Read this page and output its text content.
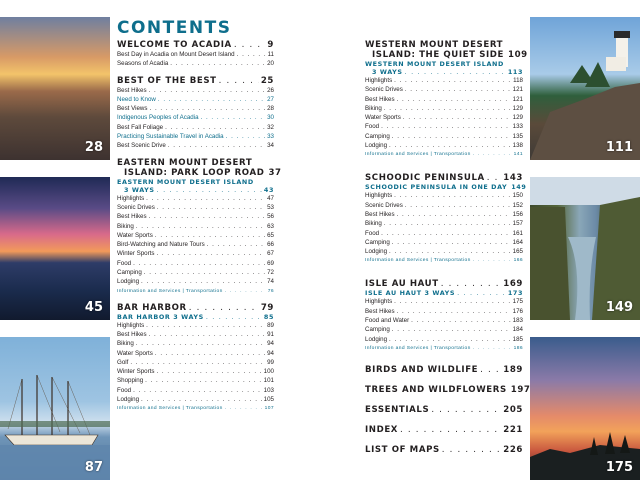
28
45
87
111
149
175
CONTENTS
WELCOME TO ACADIA . . .	9
Best Day in Acadia on Mount Desert Island . . .	11
Seasons of Acadia . . .	20
BEST OF THE BEST . . .	25
Best Hikes . . .	26
Need to Know . . .	27
Best Views . . .	28
Indigenous Peoples of Acadia . . .	30
Best Fall Foliage . . .	32
Practicing Sustainable Travel in Acadia . . .	33
Best Scenic Drive . . .	34
EASTERN MOUNT DESERT
ISLAND: PARK LOOP ROAD 37
EASTERN MOUNT DESERT ISLAND
3 WAYS . . .	43
Highlights . . .	47
Scenic Drives . . .	53
Best Hikes . . .	56
Biking . . .	63
Water Sports . . .	65
Bird-Watching and Nature Tours . . .	66
Winter Sports . . .	67
Food . . .	69
Camping . . .	72
Lodging . . .	74
Information and Services | Transportation . . .	76
BAR HARBOR . . .	79
BAR HARBOR 3 WAYS . . .	85
Highlights . . .	89
Best Hikes . . .	91
Biking . . .	94
Water Sports . . .	94
Golf . . .	99
Winter Sports . . .	100
Shopping . . .	101
Food . . .	103
Lodging . . .	105
Information and Services | Transportation . . .	107
WESTERN MOUNT DESERT
ISLAND: THE QUIET SIDE 109
WESTERN MOUNT DESERT ISLAND
3 WAYS . . .	113
Highlights . . .	118
Scenic Drives . . .	121
Best Hikes . . .	121
Biking . . .	129
Water Sports . . .	129
Food . . .	133
Camping . . .	135
Lodging . . .	138
Information and Services | Transportation . . .	141
SCHOODIC PENINSULA . . . 143
SCHOODIC PENINSULA IN ONE DAY 149
Highlights . . .	150
Scenic Drives . . .	152
Best Hikes . . .	156
Biking . . .	157
Food . . .	161
Camping . . .	164
Lodging . . .	165
Information and Services | Transportation . . .	166
ISLE AU HAUT . . .	169
ISLE AU HAUT 3 WAYS . . .	173
Highlights . . .	175
Best Hikes . . .	176
Food and Water . . .	183
Camping . . .	184
Lodging . . .	185
Information and Services | Transportation . . .	186
BIRDS AND WILDLIFE . . .	189
TREES AND WILDFLOWERS 197
ESSENTIALS . . .	205
INDEX . . .	221
LIST OF MAPS . . .	226
